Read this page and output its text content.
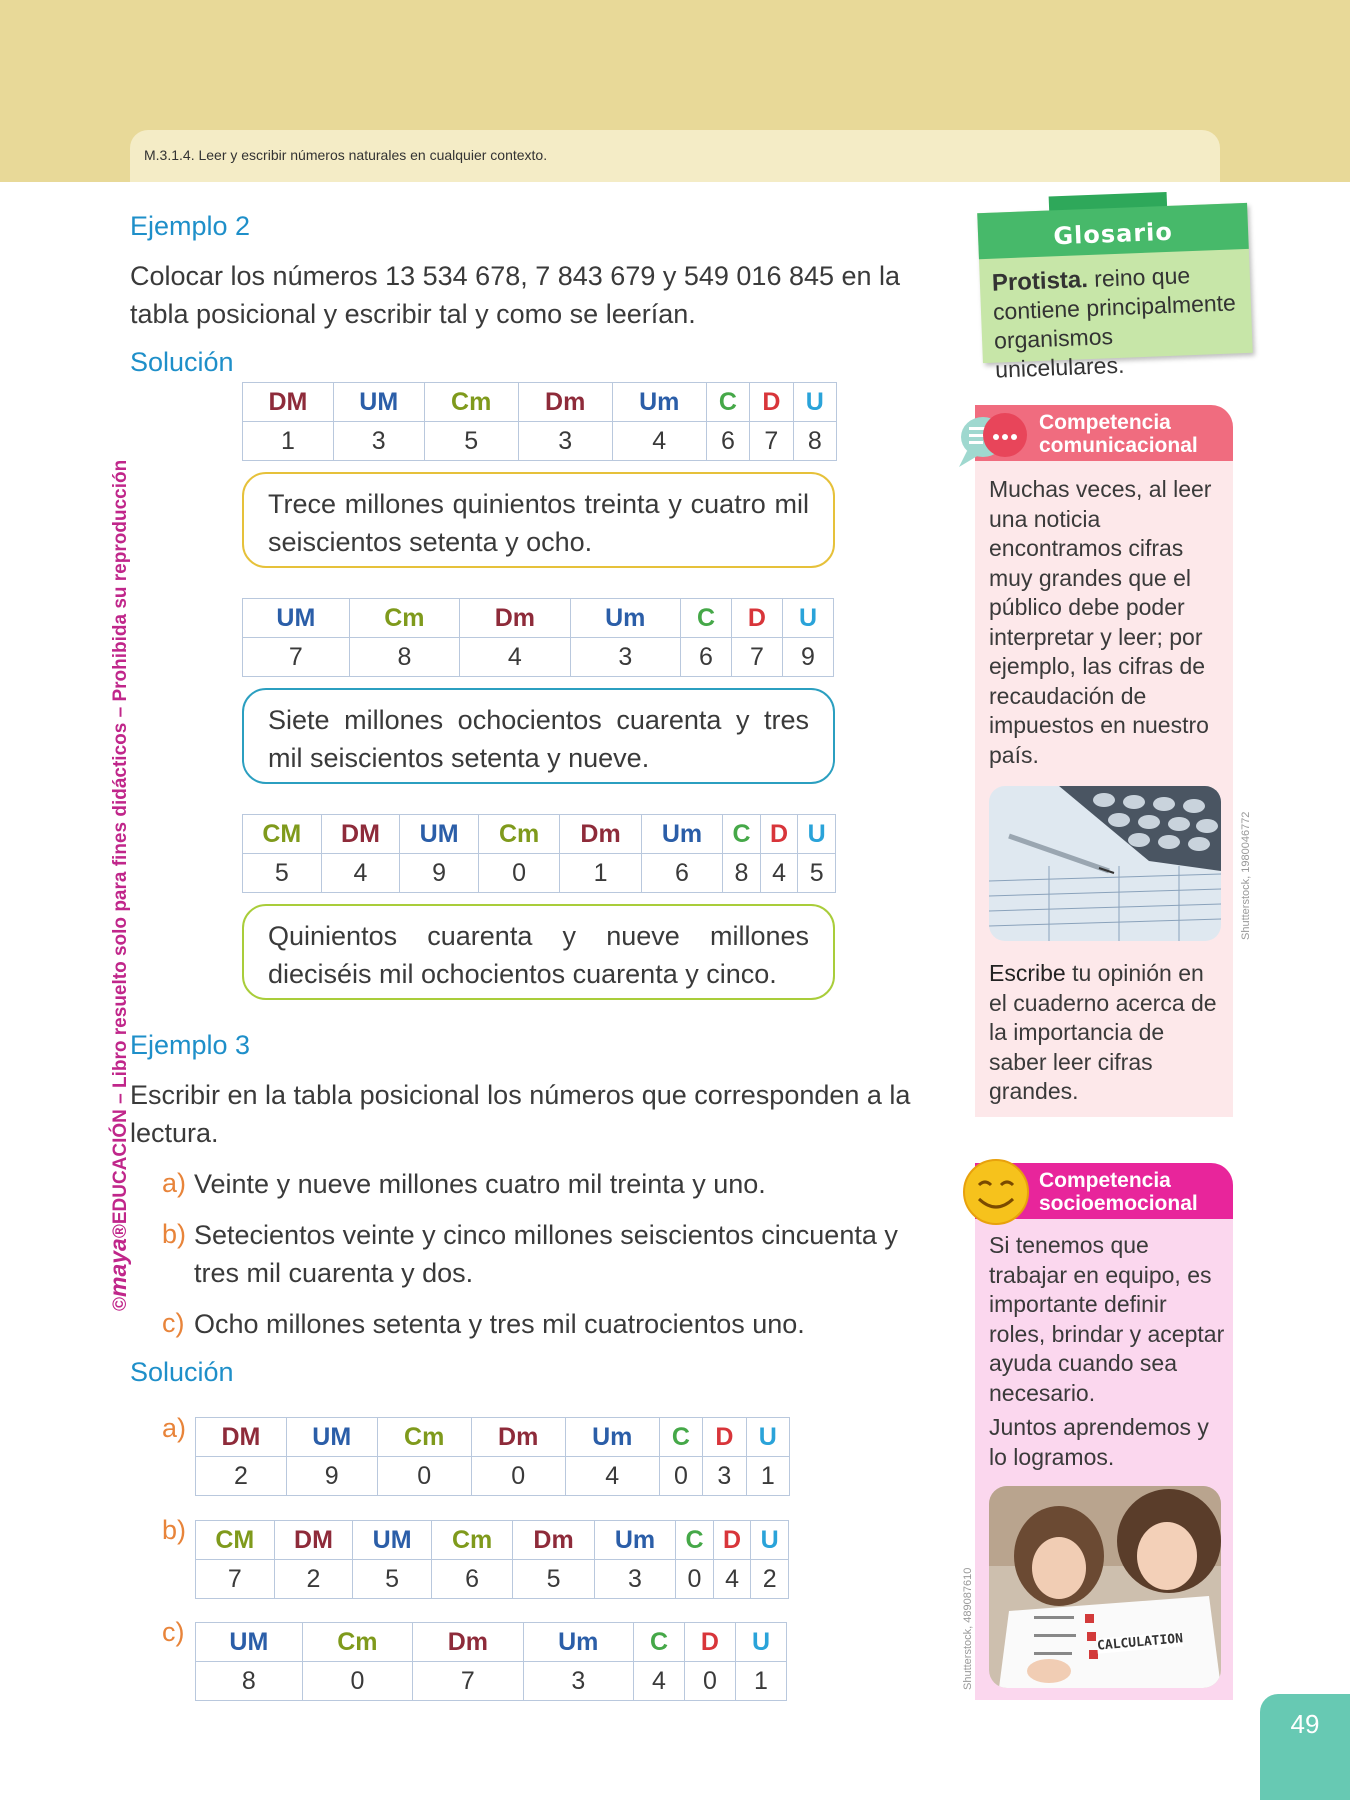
M.3.1.4. Leer y escribir números naturales en cualquier contexto.
©maya®EDUCACIÓN – Libro resuelto solo para fines didácticos – Prohibida su reproducción
Ejemplo 2
Colocar los números 13 534 678, 7 843 679 y 549 016 845 en la tabla posicional y escribir tal y como se leerían.
Solución
DM	UM	Cm	Dm	Um	C	D	U
1	3	5	3	4	6	7	8
Trece millones quinientos treinta y cuatro mil seiscientos setenta y ocho.
UM	Cm	Dm	Um	C	D	U
7	8	4	3	6	7	9
Siete millones ochocientos cuarenta y tres mil seiscientos setenta y nueve.
CM	DM	UM	Cm	Dm	Um	C	D	U
5	4	9	0	1	6	8	4	5
Quinientos cuarenta y nueve millones dieciséis mil ochocientos cuarenta y cinco.
Ejemplo 3
Escribir en la tabla posicional los números que corresponden a la lectura.
a) Veinte y nueve millones cuatro mil treinta y uno.
b) Setecientos veinte y cinco millones seiscientos cincuenta y tres mil cuarenta y dos.
c) Ocho millones setenta y tres mil cuatrocientos uno.
Solución
a) DM	UM	Cm	Dm	Um	C	D	U
2	9	0	0	4	0	3	1
b) CM	DM	UM	Cm	Dm	Um	C	D	U
7	2	5	6	5	3	0	4	2
c) UM	Cm	Dm	Um	C	D	U
8	0	7	3	4	0	1
Glosario
Protista. reino que contiene principalmente organismos unicelulares.
Muchas veces, al leer una noticia encontramos cifras muy grandes que el público debe poder interpretar y leer; por ejemplo, las cifras de recaudación de impuestos en nuestro país.
Escribe tu opinión en el cuaderno acerca de la importancia de saber leer cifras grandes.
Competencia
comunicacional
Shutterstock, 1980046772
Si tenemos que trabajar en equipo, es importante definir roles, brindar y aceptar ayuda cuando sea necesario.
Juntos aprendemos y lo logramos.
CALCULATION
Competencia
socioemocional
Shutterstock, 489087610
49
